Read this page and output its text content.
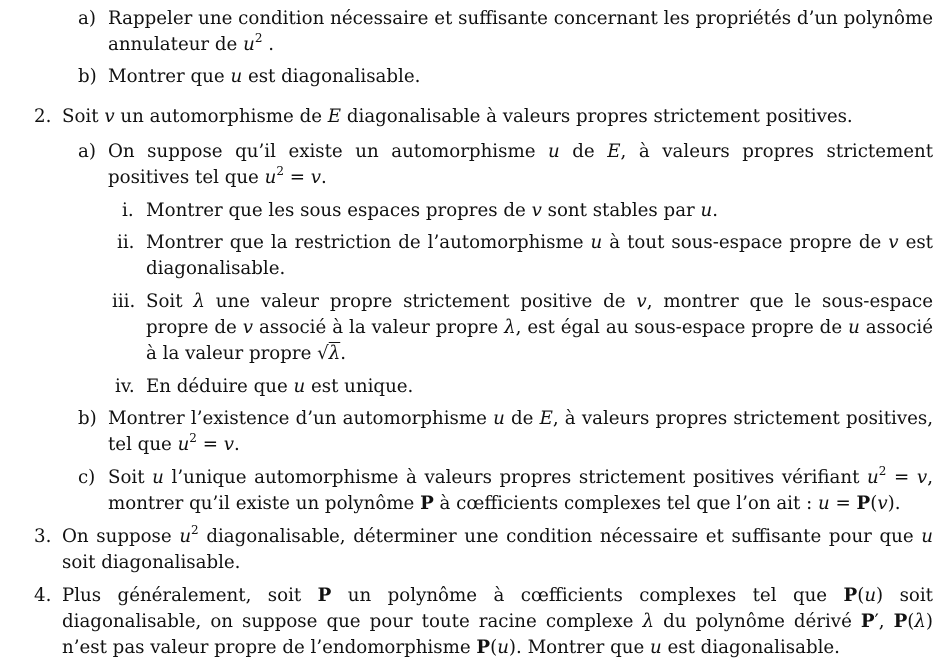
a) Rappeler une condition nécessaire et suffisante concernant les propriétés d’un polynôme annulateur de $u^2$ .
b) Montrer que u est diagonalisable.
2. Soit v un automorphisme de E diagonalisable à valeurs propres strictement positives.
a) On suppose qu’il existe un automorphisme u de E, à valeurs propres strictement positives tel que $u^2 = v$.
i. Montrer que les sous espaces propres de v sont stables par u.
ii. Montrer que la restriction de l’automorphisme u à tout sous-espace propre de v est diagonalisable.
iii. Soit λ une valeur propre strictement positive de v, montrer que le sous-espace propre de v associé à la valeur propre λ, est égal au sous-espace propre de u associé à la valeur propre √λ.
iv. En déduire que u est unique.
b) Montrer l’existence d’un automorphisme u de E, à valeurs propres strictement positives, tel que $u^2 = v$.
c) Soit u l’unique automorphisme à valeurs propres strictement positives vérifiant $u^2 = v$, montrer qu’il existe un polynôme P à cœfficients complexes tel que l’on ait : u = P(v).
3. On suppose $u^2$ diagonalisable, déterminer une condition nécessaire et suffisante pour que u soit diagonalisable.
4. Plus généralement, soit P un polynôme à cœfficients complexes tel que P(u) soit diagonalisable, on suppose que pour toute racine complexe λ du polynôme dérivé P′, P(λ) n’est pas valeur propre de l’endomorphisme P(u). Montrer que u est diagonalisable.
